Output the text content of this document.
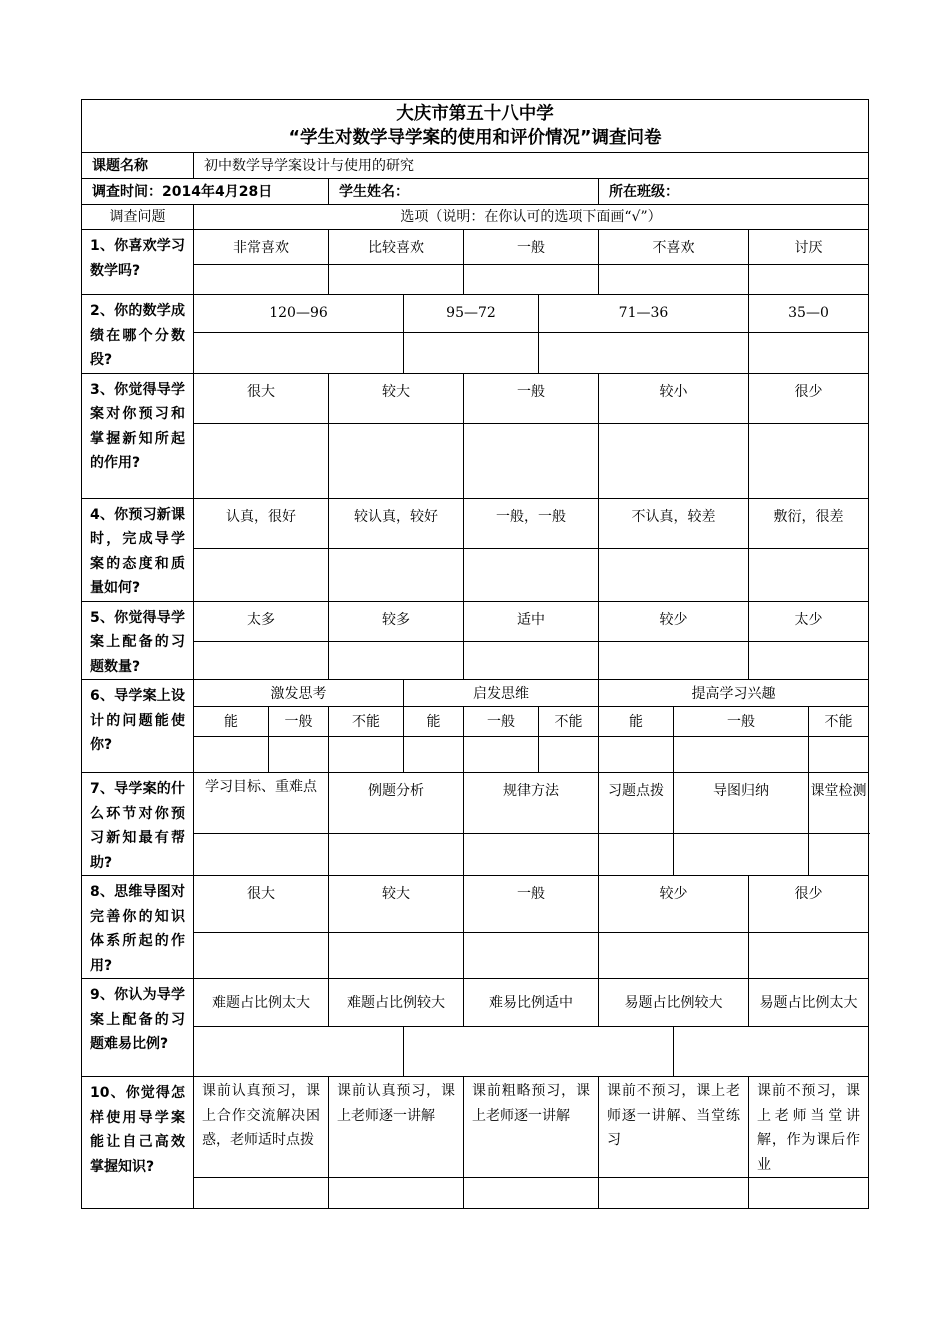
大庆市第五十八中学
“学生对数学导学案的使用和评价情况”调查问卷										

课题名称	初中数学导学案设计与使用的研究									
调查时间：2014年4月28日			学生姓名：				所在班级：			
调查问题	选项（说明：在你认可的选项下面画“√”）									
1、你喜欢学习数学吗?	非常喜欢		比较喜欢		一般		不喜欢		讨厌	

2、你的数学成绩在哪个分数段?	120—96			95—72		71—36			35—0	

3、你觉得导学案对你预习和掌握新知所起的作用?	很大		较大		一般		较小		很少	

4、你预习新课时，完成导学案的态度和质量如何?	认真，很好		较认真，较好		一般，一般		不认真，较差		敷衍，很差	

5、你觉得导学案上配备的习题数量?	太多		较多		适中		较少		太少	

6、导学案上设计的问题能使你?	激发思考			启发思维			提高学习兴趣			
	能	一般	不能	能	一般	不能	能	一般		不能

7、导学案的什么环节对你预习新知最有帮助?	学习目标、重难点		例题分析		规律方法		习题点拨	导图归纳		课堂检测

8、思维导图对完善你的知识体系所起的作用?	很大		较大		一般		较少		很少	

9、你认为导学案上配备的习题难易比例?	难题占比例太大		难题占比例较大		难易比例适中		易题占比例较大		易题占比例太大	

10、你觉得怎样使用导学案能让自己高效掌握知识?	课前认真预习，课上合作交流解决困惑，老师适时点拨		课前认真预习，课上老师逐一讲解		课前粗略预习，课上老师逐一讲解		课前不预习，课上老师逐一讲解、当堂练习		课前不预习，课上老师当堂讲解，作为课后作业	
